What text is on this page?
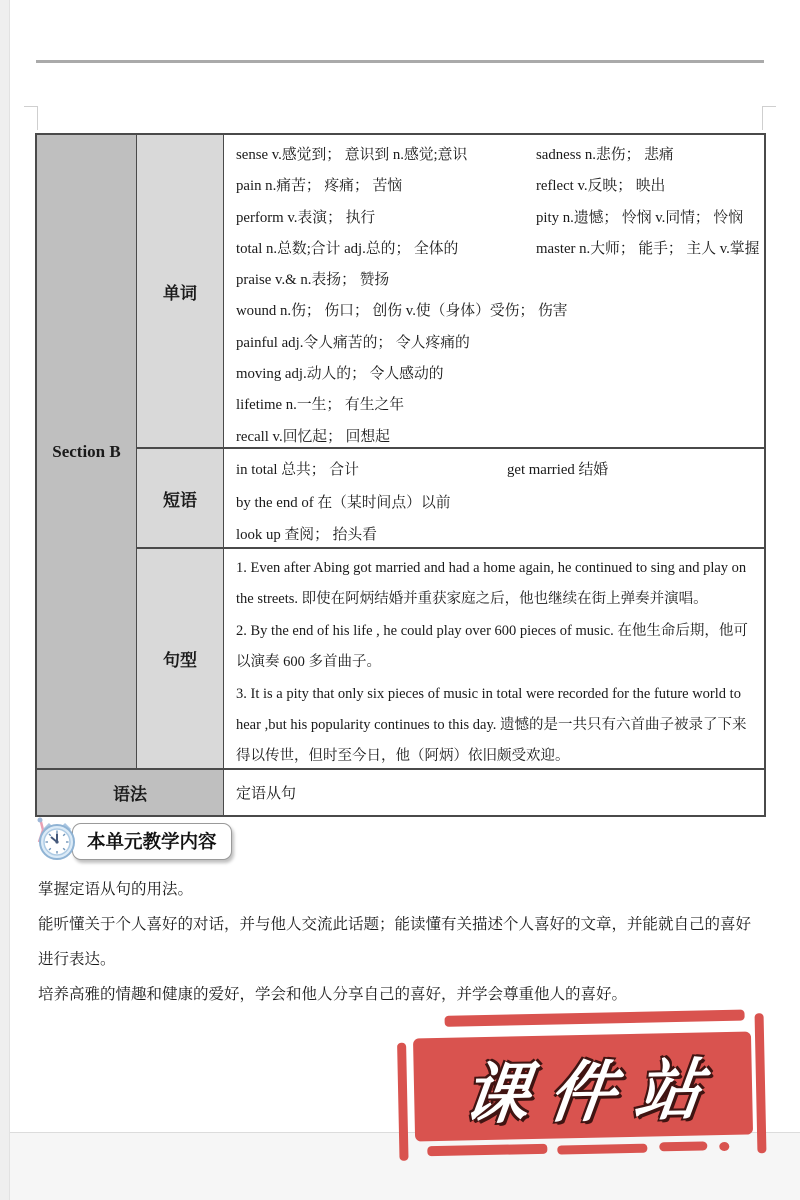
Section B
单词
sense v.感觉到； 意识到 n.感觉;意识	sadness n.悲伤； 悲痛
pain n.痛苦； 疼痛； 苦恼	reflect v.反映； 映出
perform v.表演； 执行	pity n.遗憾； 怜悯 v.同情； 怜悯
total n.总数;合计 adj.总的； 全体的	master n.大师； 能手； 主人 v.掌握
praise v.& n.表扬； 赞扬
wound n.伤； 伤口； 创伤 v.使（身体）受伤； 伤害
painful adj.令人痛苦的； 令人疼痛的
moving adj.动人的； 令人感动的
lifetime n.一生； 有生之年
recall v.回忆起； 回想起
短语
in total 总共； 合计	get married 结婚
by the end of 在（某时间点）以前
look up 查阅； 抬头看
句型

1. Even after Abing got married and had a home again, he continued to sing and play on the streets. 即使在阿炳结婚并重获家庭之后，他也继续在街上弹奏并演唱。

2. By the end of his life , he could play over 600 pieces of music. 在他生命后期，他可以演奏 600 多首曲子。

3. It is a pity that only six pieces of music in total were recorded for the future world to hear ,but his popularity continues to this day. 遗憾的是一共只有六首曲子被录了下来得以传世，但时至今日，他（阿炳）依旧颇受欢迎。

语法	定语从句
本单元教学内容

掌握定语从句的用法。

能听懂关于个人喜好的对话，并与他人交流此话题；能读懂有关描述个人喜好的文章，并能就自己的喜好进行表达。

培养高雅的情趣和健康的爱好，学会和他人分享自己的喜好，并学会尊重他人的喜好。

课件站
